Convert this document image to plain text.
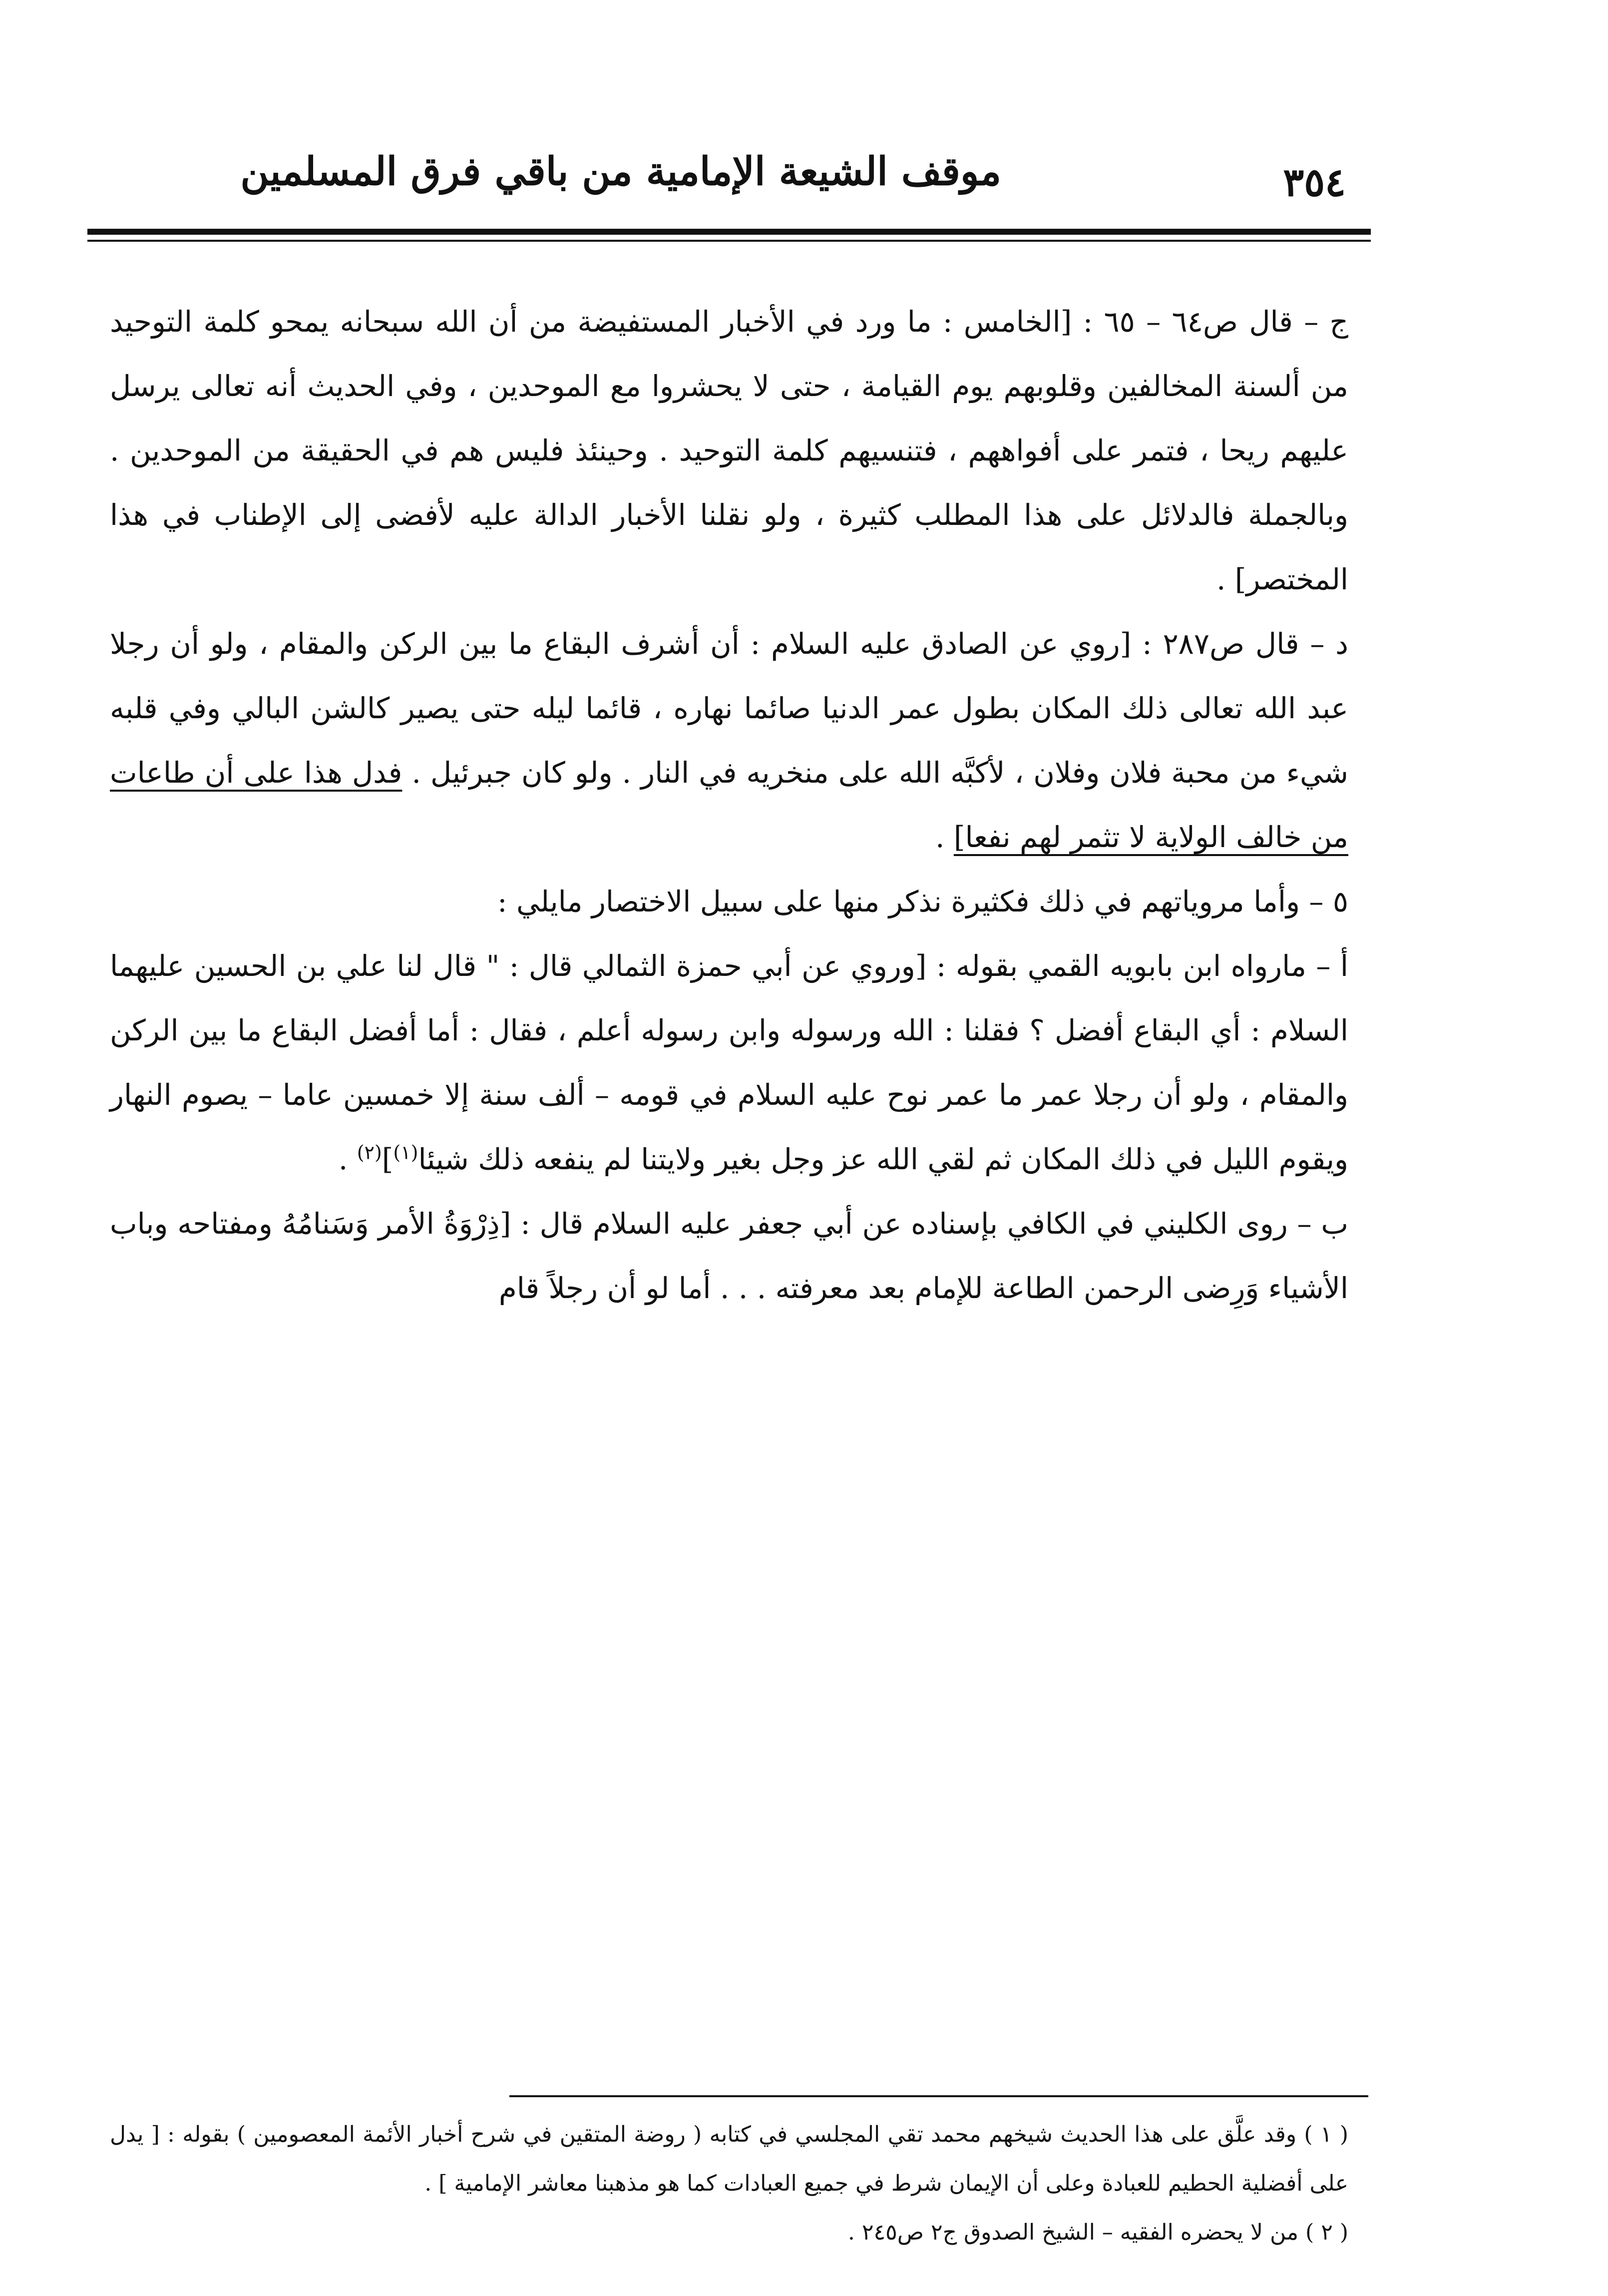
موقف الشيعة الإمامية من باقي فرق المسلمين	٣٥٤

ج – قال ص٦٤ – ٦٥ : [الخامس : ما ورد في الأخبار المستفيضة من أن الله سبحانه يمحو كلمة التوحيد من ألسنة المخالفين وقلوبهم يوم القيامة ، حتى لا يحشروا مع الموحدين ، وفي الحديث أنه تعالى يرسل عليهم ريحا ، فتمر على أفواههم ، فتنسيهم كلمة التوحيد . وحينئذ فليس هم في الحقيقة من الموحدين . وبالجملة فالدلائل على هذا المطلب كثيرة ، ولو نقلنا الأخبار الدالة عليه لأفضى إلى الإطناب في هذا المختصر] .

د – قال ص٢٨٧ : [روي عن الصادق عليه السلام : أن أشرف البقاع ما بين الركن والمقام ، ولو أن رجلا عبد الله تعالى ذلك المكان بطول عمر الدنيا صائما نهاره ، قائما ليله حتى يصير كالشن البالي وفي قلبه شيء من محبة فلان وفلان ، لأكبَّه الله على منخريه في النار . ولو كان جبرئيل . فدل هذا على أن طاعات من خالف الولاية لا تثمر لهم نفعا] .

٥ – وأما مروياتهم في ذلك فكثيرة نذكر منها على سبيل الاختصار مايلي :

أ – مارواه ابن بابويه القمي بقوله : [وروي عن أبي حمزة الثمالي قال : " قال لنا علي بن الحسين عليهما السلام : أي البقاع أفضل ؟ فقلنا : الله ورسوله وابن رسوله أعلم ، فقال : أما أفضل البقاع ما بين الركن والمقام ، ولو أن رجلا عمر ما عمر نوح عليه السلام في قومه – ألف سنة إلا خمسين عاما – يصوم النهار ويقوم الليل في ذلك المكان ثم لقي الله عز وجل بغير ولايتنا لم ينفعه ذلك شيئا$^{(١)}$]$^{(٢)}$ .

ب – روى الكليني في الكافي بإسناده عن أبي جعفر عليه السلام قال : [ذِرْوَةُ الأمر وَسَنامُهُ ومفتاحه وباب الأشياء وَرِضى الرحمن الطاعة للإمام بعد معرفته . . . أما لو أن رجلاً قام

( ١ ) وقد علَّق على هذا الحديث شيخهم محمد تقي المجلسي في كتابه ( روضة المتقين في شرح أخبار الأئمة المعصومين ) بقوله : [ يدل على أفضلية الحطيم للعبادة وعلى أن الإيمان شرط في جميع العبادات كما هو مذهبنا معاشر الإمامية ] .

( ٢ ) من لا يحضره الفقيه – الشيخ الصدوق ج٢ ص٢٤٥ .
